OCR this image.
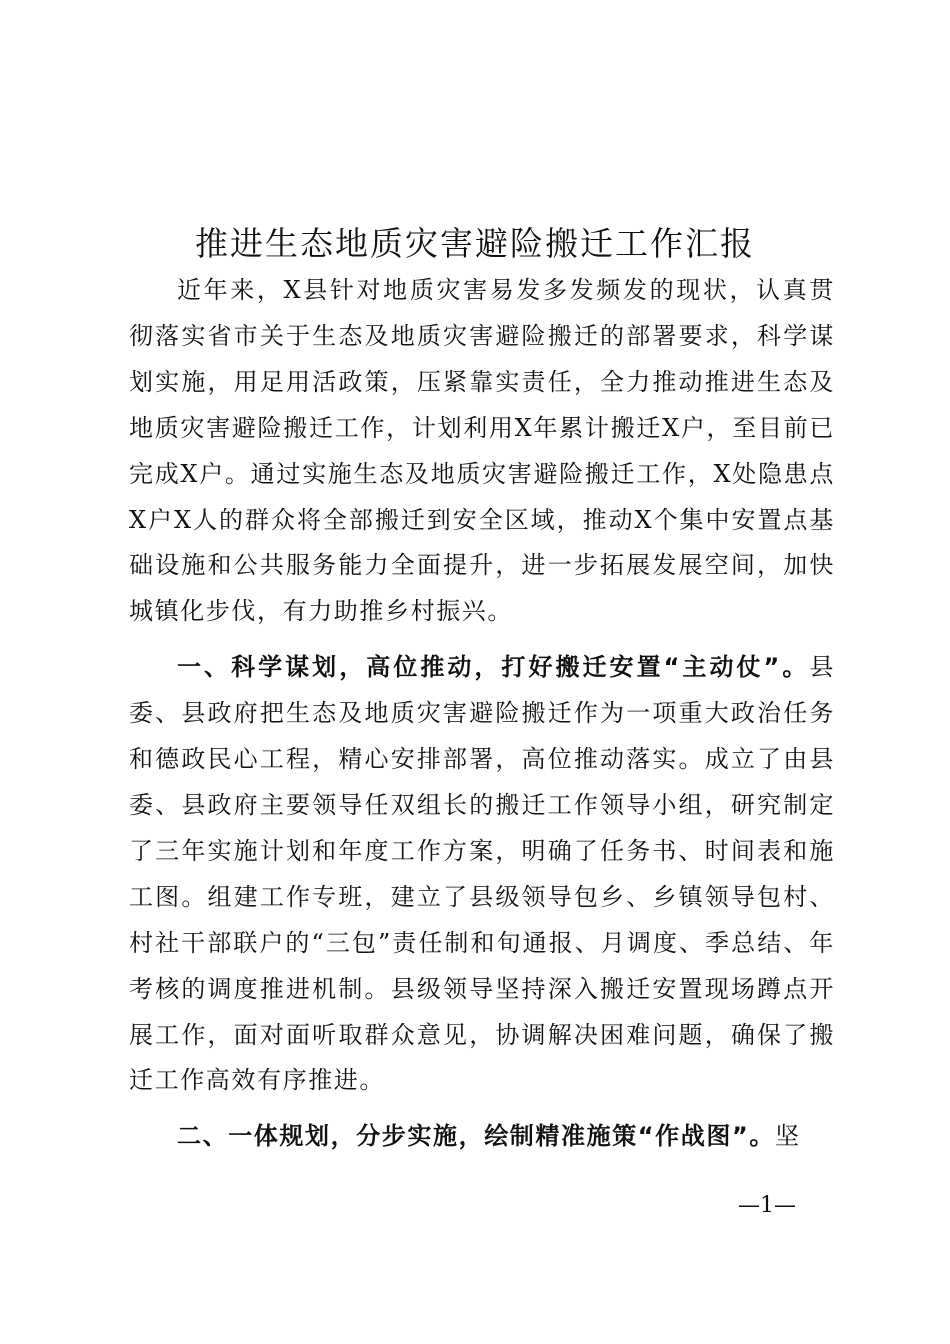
推进生态地质灾害避险搬迁工作汇报

近年来，X县针对地质灾害易发多发频发的现状，认真贯彻落实省市关于生态及地质灾害避险搬迁的部署要求，科学谋划实施，用足用活政策，压紧靠实责任，全力推动推进生态及地质灾害避险搬迁工作，计划利用X年累计搬迁X户，至目前已完成X户。通过实施生态及地质灾害避险搬迁工作，X处隐患点X户X人的群众将全部搬迁到安全区域，推动X个集中安置点基础设施和公共服务能力全面提升，进一步拓展发展空间，加快城镇化步伐，有力助推乡村振兴。

一、科学谋划，高位推动，打好搬迁安置“主动仗”。县委、县政府把生态及地质灾害避险搬迁作为一项重大政治任务和德政民心工程，精心安排部署，高位推动落实。成立了由县委、县政府主要领导任双组长的搬迁工作领导小组，研究制定了三年实施计划和年度工作方案，明确了任务书、时间表和施工图。组建工作专班，建立了县级领导包乡、乡镇领导包村、村社干部联户的“三包”责任制和旬通报、月调度、季总结、年考核的调度推进机制。县级领导坚持深入搬迁安置现场蹲点开展工作，面对面听取群众意见，协调解决困难问题，确保了搬迁工作高效有序推进。

二、一体规划，分步实施，绘制精准施策“作战图”。坚

—1—
